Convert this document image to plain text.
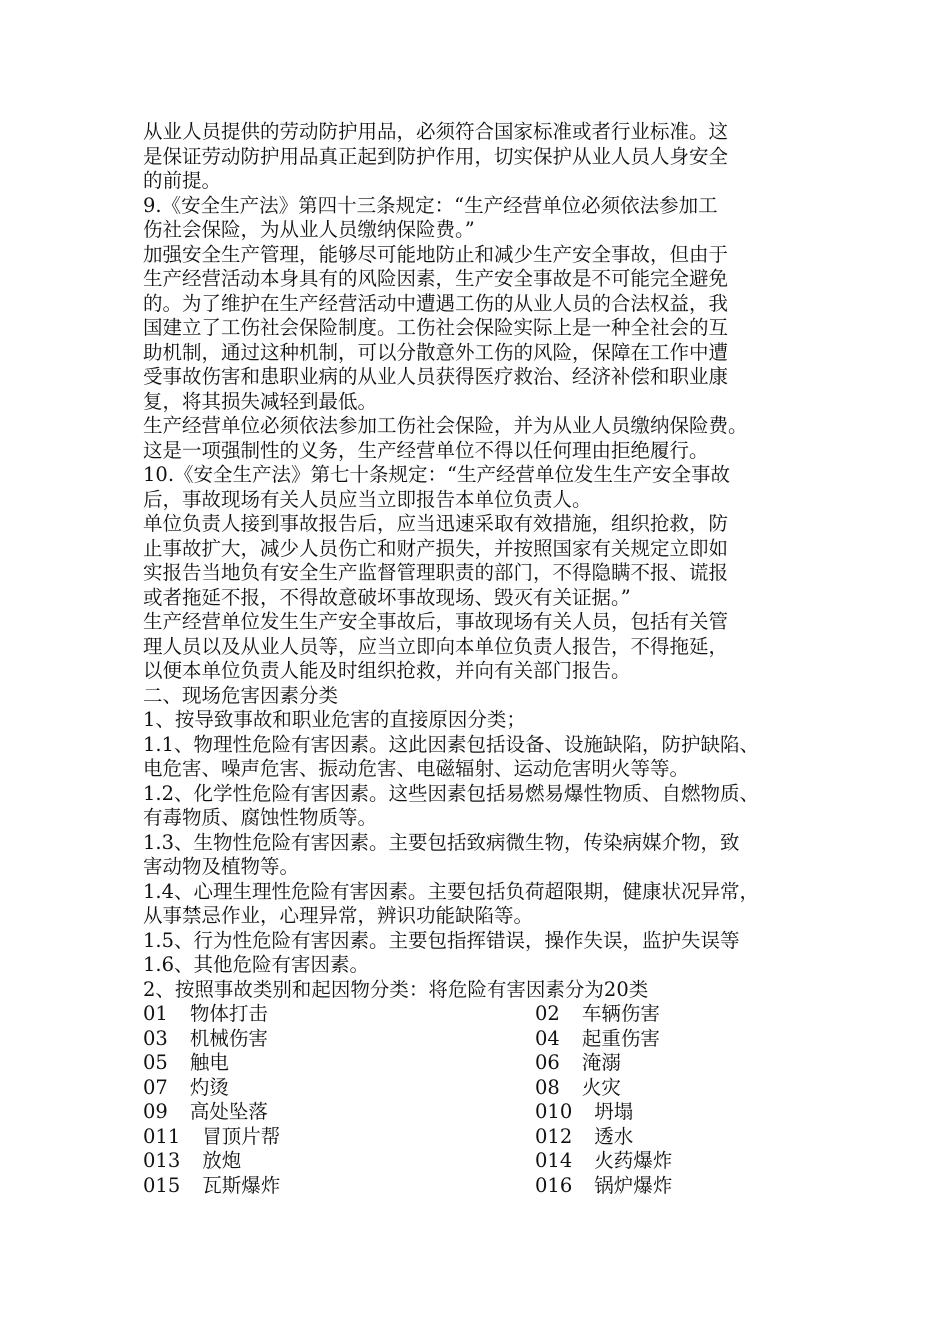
从业人员提供的劳动防护用品，必须符合国家标准或者行业标准。这
是保证劳动防护用品真正起到防护作用，切实保护从业人员人身安全
的前提。
9.《安全生产法》第四十三条规定：“生产经营单位必须依法参加工
伤社会保险，为从业人员缴纳保险费。”
加强安全生产管理，能够尽可能地防止和减少生产安全事故，但由于
生产经营活动本身具有的风险因素，生产安全事故是不可能完全避免
的。为了维护在生产经营活动中遭遇工伤的从业人员的合法权益，我
国建立了工伤社会保险制度。工伤社会保险实际上是一种全社会的互
助机制，通过这种机制，可以分散意外工伤的风险，保障在工作中遭
受事故伤害和患职业病的从业人员获得医疗救治、经济补偿和职业康
复，将其损失减轻到最低。
生产经营单位必须依法参加工伤社会保险，并为从业人员缴纳保险费。
这是一项强制性的义务，生产经营单位不得以任何理由拒绝履行。
10.《安全生产法》第七十条规定：“生产经营单位发生生产安全事故
后，事故现场有关人员应当立即报告本单位负责人。
单位负责人接到事故报告后，应当迅速采取有效措施，组织抢救，防
止事故扩大，减少人员伤亡和财产损失，并按照国家有关规定立即如
实报告当地负有安全生产监督管理职责的部门，不得隐瞒不报、谎报
或者拖延不报，不得故意破坏事故现场、毁灭有关证据。”
生产经营单位发生生产安全事故后，事故现场有关人员，包括有关管
理人员以及从业人员等，应当立即向本单位负责人报告，不得拖延，
以便本单位负责人能及时组织抢救，并向有关部门报告。
二、现场危害因素分类
1、按导致事故和职业危害的直接原因分类；
1.1、物理性危险有害因素。这此因素包括设备、设施缺陷，防护缺陷、
电危害、噪声危害、振动危害、电磁辐射、运动危害明火等等。
1.2、化学性危险有害因素。这些因素包括易燃易爆性物质、自燃物质、
有毒物质、腐蚀性物质等。
1.3、生物性危险有害因素。主要包括致病微生物，传染病媒介物，致
害动物及植物等。
1.4、心理生理性危险有害因素。主要包括负荷超限期，健康状况异常，
从事禁忌作业，心理异常，辨识功能缺陷等。
1.5、行为性危险有害因素。主要包指挥错误，操作失误，监护失误等
1.6、其他危险有害因素。
2、按照事故类别和起因物分类：将危险有害因素分为20类
01 物体打击	02 车辆伤害
03 机械伤害	04 起重伤害
05 触电	06 淹溺
07 灼烫	08 火灾
09 高处坠落	010 坍塌
011 冒顶片帮	012 透水
013 放炮	014 火药爆炸
015 瓦斯爆炸	016 锅炉爆炸
